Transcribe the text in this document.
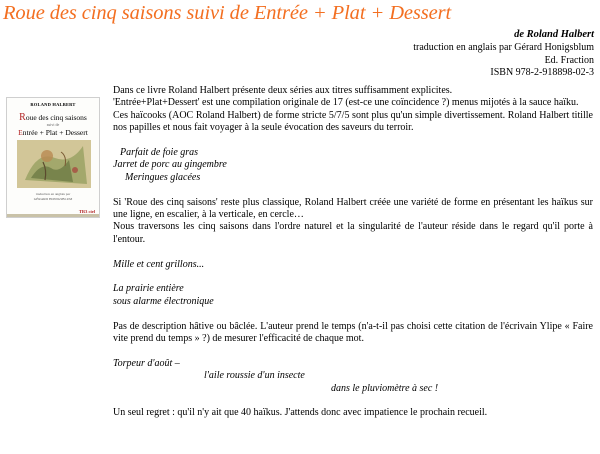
Roue des cinq saisons suivi de Entrée + Plat + Dessert
de Roland Halbert
traduction en anglais par Gérard Honigsblum
Ed. Fraction
ISBN 978-2-918898-02-3
ROLAND HALBERT
Roue des cinq saisons
suivi de
Entrée + Plat + Dessert
traduction en anglais par
GÉRARD HONIGSBLUM
TR3 ciel

Dans ce livre Roland Halbert présente deux séries aux titres suffisamment explicites.

'Entrée+Plat+Dessert' est une compilation originale de 17 (est-ce une coïncidence ?) menus mijotés à la sauce haïku.

Ces haïcooks (AOC Roland Halbert) de forme stricte 5/7/5 sont plus qu'un simple divertissement. Roland Halbert titille nos papilles et nous fait voyager à la seule évocation des saveurs du terroir.

Parfait de foie gras

Jarret de porc au gingembre

Meringues glacées

Si 'Roue des cinq saisons' reste plus classique, Roland Halbert créée une variété de forme en présentant les haïkus sur une ligne, en escalier, à la verticale, en cercle…

Nous traversons les cinq saisons dans l'ordre naturel et la singularité de l'auteur réside dans le regard qu'il porte à l'entour.

Mille et cent grillons...

La prairie entière

sous alarme électronique

Pas de description hâtive ou bâclée. L'auteur prend le temps (n'a-t-il pas choisi cette citation de l'écrivain Ylipe « Faire vite prend du temps » ?) de mesurer l'efficacité de chaque mot.

Torpeur d'août –

l'aile roussie d'un insecte

dans le pluviomètre à sec !

Un seul regret : qu'il n'y ait que 40 haïkus. J'attends donc avec impatience le prochain recueil.
